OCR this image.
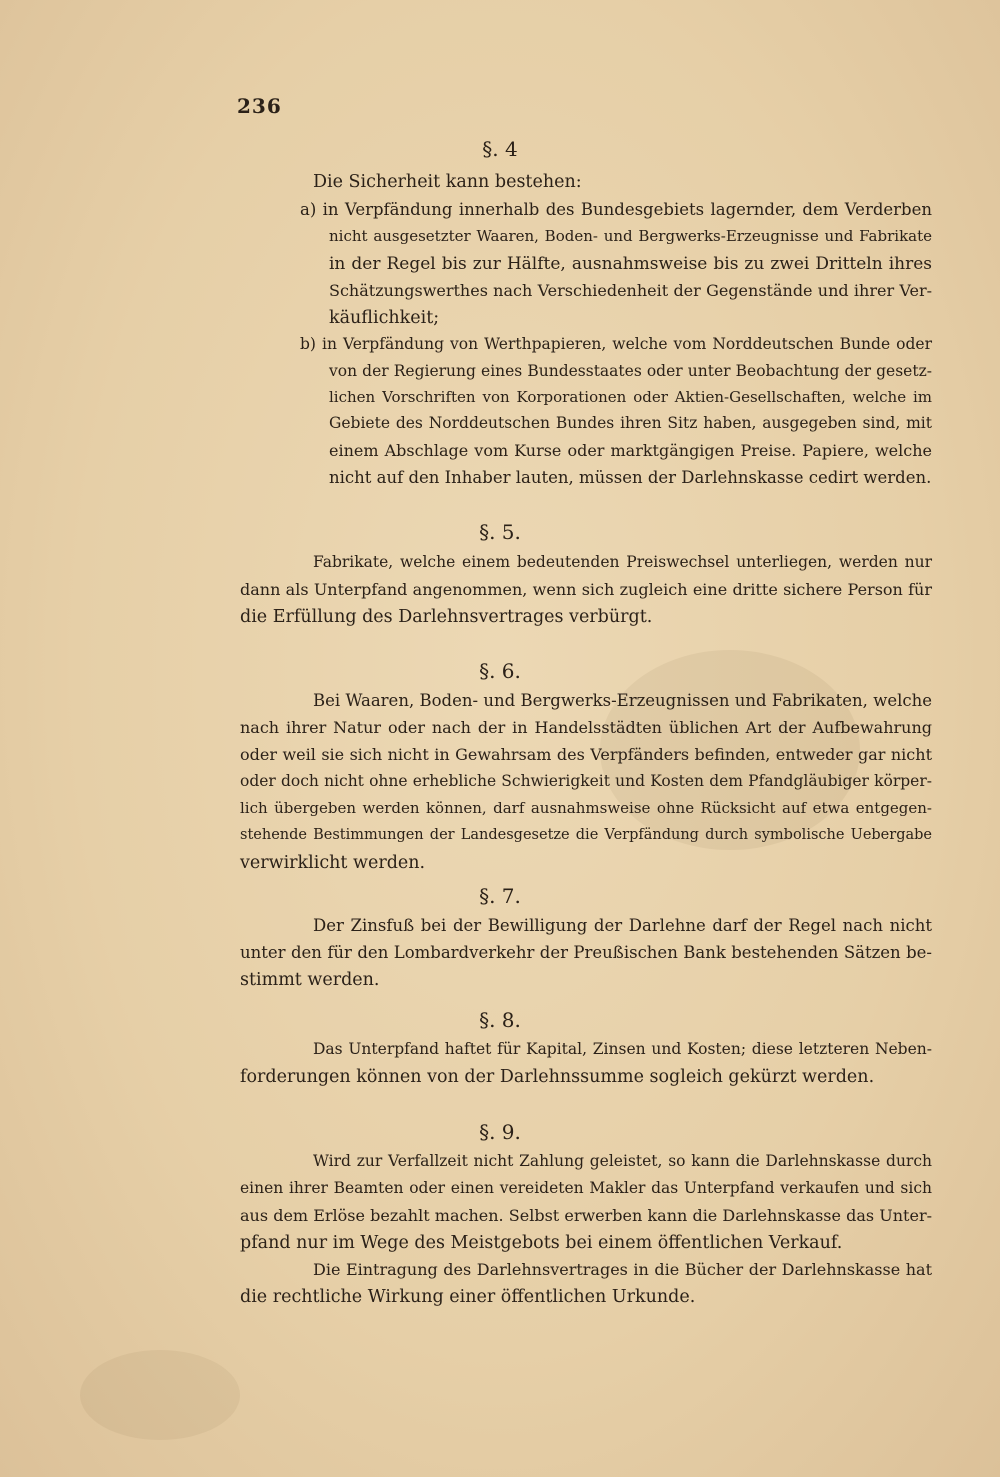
236
§. 4
Die Sicherheit kann bestehen:
a) in Verpfändung innerhalb des Bundesgebiets lagernder, dem Verderben
nicht ausgesetzter Waaren, Boden- und Bergwerks-Erzeugnisse und Fabrikate
in der Regel bis zur Hälfte, ausnahmsweise bis zu zwei Dritteln ihres
Schätzungswerthes nach Verschiedenheit der Gegenstände und ihrer Ver-
käuflichkeit;
b) in Verpfändung von Werthpapieren, welche vom Norddeutschen Bunde oder
von der Regierung eines Bundesstaates oder unter Beobachtung der gesetz-
lichen Vorschriften von Korporationen oder Aktien-Gesellschaften, welche im
Gebiete des Norddeutschen Bundes ihren Sitz haben, ausgegeben sind, mit
einem Abschlage vom Kurse oder marktgängigen Preise. Papiere, welche
nicht auf den Inhaber lauten, müssen der Darlehnskasse cedirt werden.
§. 5.
Fabrikate, welche einem bedeutenden Preiswechsel unterliegen, werden nur
dann als Unterpfand angenommen, wenn sich zugleich eine dritte sichere Person für
die Erfüllung des Darlehnsvertrages verbürgt.
§. 6.
Bei Waaren, Boden- und Bergwerks-Erzeugnissen und Fabrikaten, welche
nach ihrer Natur oder nach der in Handelsstädten üblichen Art der Aufbewahrung
oder weil sie sich nicht in Gewahrsam des Verpfänders befinden, entweder gar nicht
oder doch nicht ohne erhebliche Schwierigkeit und Kosten dem Pfandgläubiger körper-
lich übergeben werden können, darf ausnahmsweise ohne Rücksicht auf etwa entgegen-
stehende Bestimmungen der Landesgesetze die Verpfändung durch symbolische Uebergabe
verwirklicht werden.
§. 7.
Der Zinsfuß bei der Bewilligung der Darlehne darf der Regel nach nicht
unter den für den Lombardverkehr der Preußischen Bank bestehenden Sätzen be-
stimmt werden.
§. 8.
Das Unterpfand haftet für Kapital, Zinsen und Kosten; diese letzteren Neben-
forderungen können von der Darlehnssumme sogleich gekürzt werden.
§. 9.
Wird zur Verfallzeit nicht Zahlung geleistet, so kann die Darlehnskasse durch
einen ihrer Beamten oder einen vereideten Makler das Unterpfand verkaufen und sich
aus dem Erlöse bezahlt machen. Selbst erwerben kann die Darlehnskasse das Unter-
pfand nur im Wege des Meistgebots bei einem öffentlichen Verkauf.
Die Eintragung des Darlehnsvertrages in die Bücher der Darlehnskasse hat
die rechtliche Wirkung einer öffentlichen Urkunde.
